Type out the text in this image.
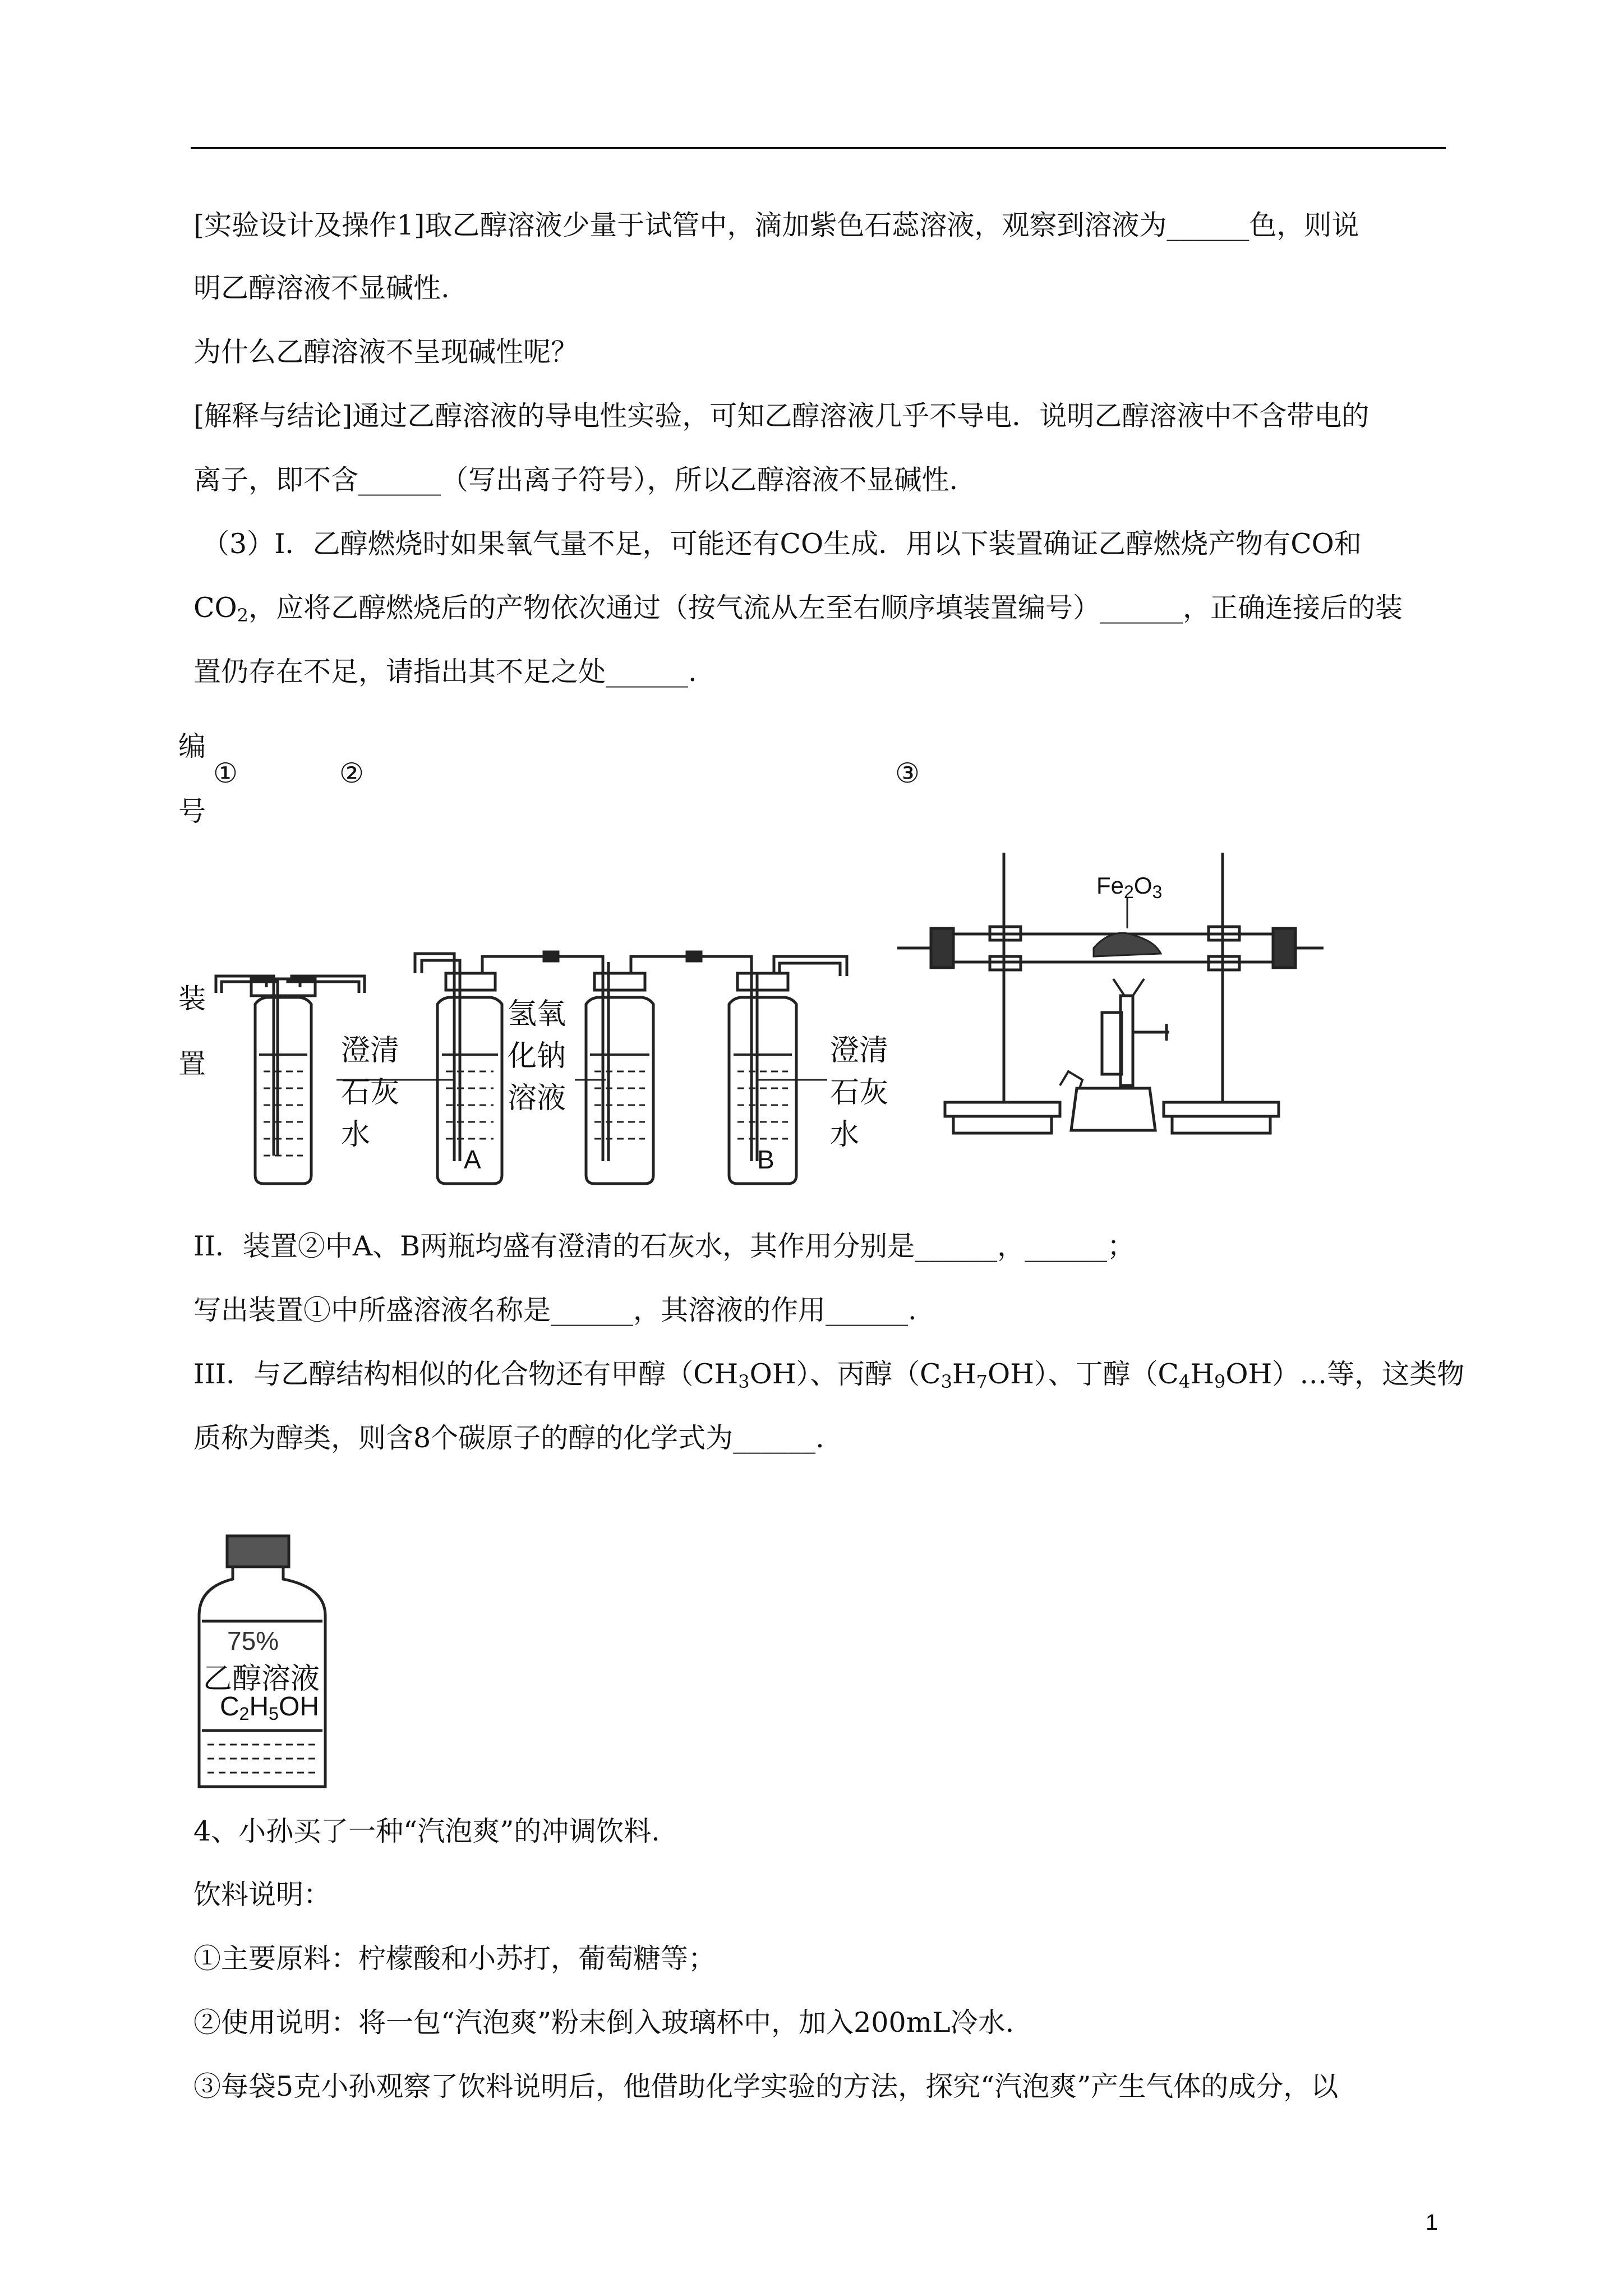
[实验设计及操作1]取乙醇溶液少量于试管中，滴加紫色石蕊溶液，观察到溶液为______色，则说
明乙醇溶液不显碱性.
为什么乙醇溶液不呈现碱性呢？
[解释与结论]通过乙醇溶液的导电性实验，可知乙醇溶液几乎不导电．说明乙醇溶液中不含带电的
离子，即不含______（写出离子符号），所以乙醇溶液不显碱性.
（3）I．乙醇燃烧时如果氧气量不足，可能还有CO生成．用以下装置确证乙醇燃烧产物有CO和
$CO_2$，应将乙醇燃烧后的产物依次通过（按气流从左至右顺序填装置编号）______，正确连接后的装
置仍存在不足，请指出其不足之处______.
编
号
①	②	③
装
置	澄清
石灰
水
氢氧
化钠
溶液
澄清
石灰
水
A	B
$Fe_2O_3$
II．装置②中A、B两瓶均盛有澄清的石灰水，其作用分别是______，______；
写出装置①中所盛溶液名称是______，其溶液的作用______.
III．与乙醇结构相似的化合物还有甲醇$(CH_3OH)$、丙醇$(C_3H_7OH)$、丁醇$(C_4H_9OH)\dots$等，这类物
质称为醇类，则含8个碳原子的醇的化学式为______.
75%
乙醇溶液
$C_2H_5OH$
4、小孙买了一种“汽泡爽”的冲调饮料.
饮料说明：
①主要原料：柠檬酸和小苏打，葡萄糖等；
②使用说明：将一包“汽泡爽”粉末倒入玻璃杯中，加入200mL冷水.
③每袋5克小孙观察了饮料说明后，他借助化学实验的方法，探究“汽泡爽”产生气体的成分，以
1
